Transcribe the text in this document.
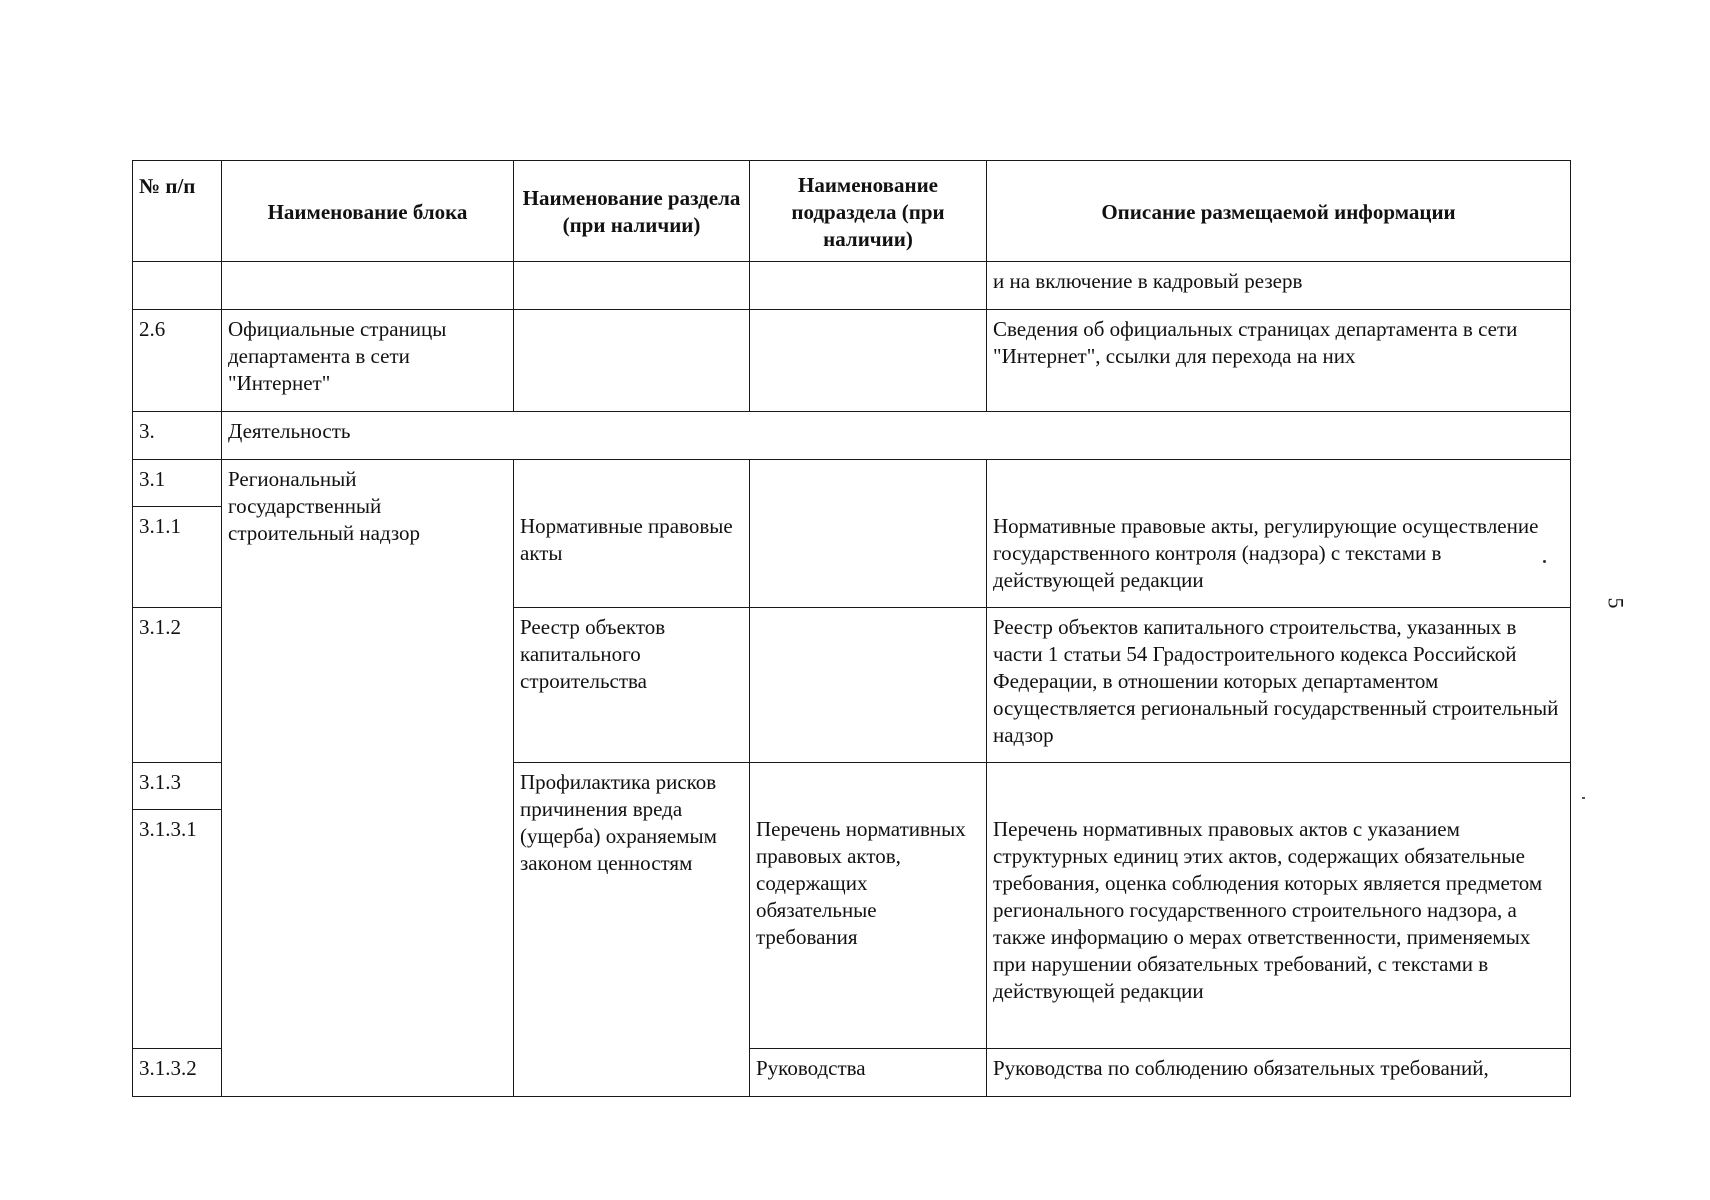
№ п/п	Наименование блока	Наименование раздела (при наличии)	Наименование подраздела (при наличии)	Описание размещаемой информации
				и на включение в кадровый резерв
2.6	Официальные страницы департамента в сети "Интернет"			Сведения об официальных страницах департамента в сети "Интернет", ссылки для перехода на них
3.	Деятельность			
3.1	Региональный государственный строительный надзор	Нормативные правовые акты		Нормативные правовые акты, регулирующие осуществление государственного контроля (надзора) с текстами в действующей редакции
3.1.1				
3.1.2		Реестр объектов капитального строительства		Реестр объектов капитального строительства, указанных в части 1 статьи 54 Градостроительного кодекса Российской Федерации, в отношении которых департаментом осуществляется региональный государственный строительный надзор
3.1.3		Профилактика рисков причинения вреда (ущерба) охраняемым законом ценностям	Перечень нормативных правовых актов, содержащих обязательные требования	Перечень нормативных правовых актов с указанием структурных единиц этих актов, содержащих обязательные требования, оценка соблюдения которых является предметом регионального государственного строительного надзора, а также информацию о мерах ответственности, применяемых при нарушении обязательных требований, с текстами в действующей редакции
3.1.3.1				
3.1.3.2			Руководства	Руководства по соблюдению обязательных требований,
5
